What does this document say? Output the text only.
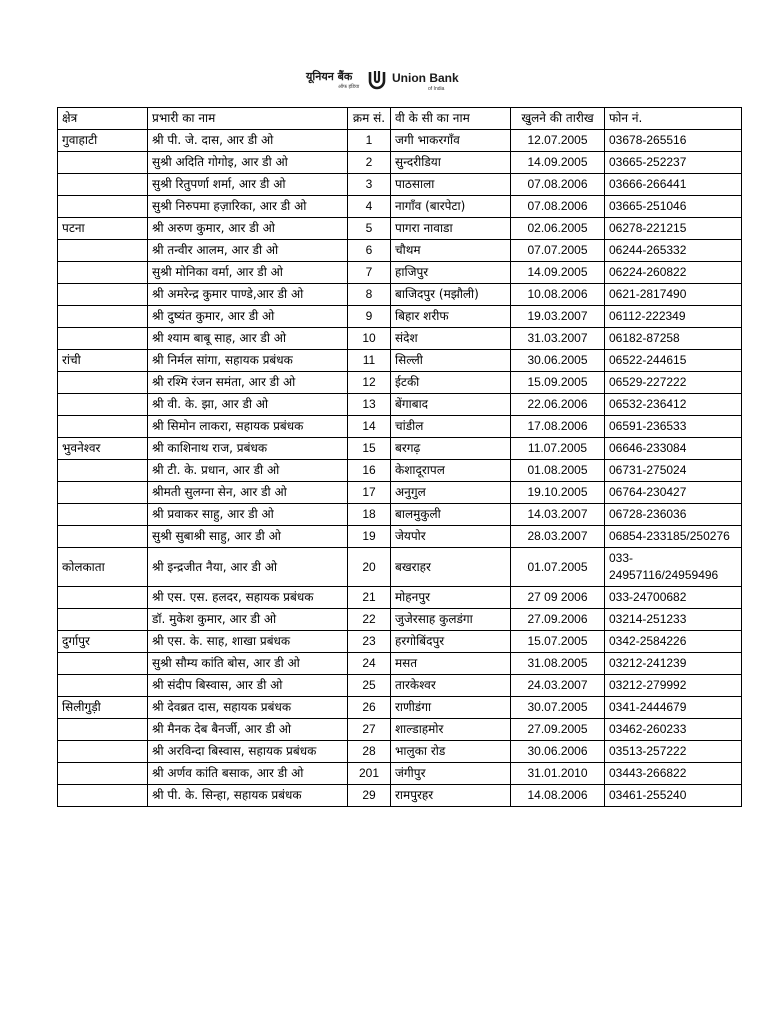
यूनियन बैंक
ऑफ इंडिया
Union Bank
of India
क्षेत्र	प्रभारी का नाम	क्रम सं.	वी के सी का नाम	खुलने की तारीख	फोन नं.
गुवाहाटी	श्री पी. जे. दास, आर डी ओ	1	जगी भाकरगाँव	12.07.2005	03678-265516
	सुश्री अदिति गोगोइ, आर डी ओ	2	सुन्दरीडिया	14.09.2005	03665-252237
	सुश्री रितुपर्णा शर्मा, आर डी ओ	3	पाठसाला	07.08.2006	03666-266441
	सुश्री निरुपमा हज़ारिका, आर डी ओ	4	नागाँव (बारपेटा)	07.08.2006	03665-251046
पटना	श्री अरुण कुमार, आर डी ओ	5	पागरा नावाडा	02.06.2005	06278-221215
	श्री तन्वीर आलम, आर डी ओ	6	चौथम	07.07.2005	06244-265332
	सुश्री मोनिका वर्मा, आर डी ओ	7	हाजिपुर	14.09.2005	06224-260822
	श्री अमरेन्द्र कुमार पाण्डे,आर डी ओ	8	बाजिदपुर (मझौली)	10.08.2006	0621-2817490
	श्री दुष्यंत कुमार, आर डी ओ	9	बिहार शरीफ	19.03.2007	06112-222349
	श्री श्याम बाबू साह, आर डी ओ	10	संदेश	31.03.2007	06182-87258
रांची	श्री निर्मल सांगा, सहायक प्रबंधक	11	सिल्ली	30.06.2005	06522-244615
	श्री रश्मि रंजन समंता, आर डी ओ	12	ईटकी	15.09.2005	06529-227222
	श्री वी. के. झा, आर डी ओ	13	बेंगाबाद	22.06.2006	06532-236412
	श्री सिमोन लाकरा, सहायक प्रबंधक	14	चांडील	17.08.2006	06591-236533
भुवनेश्वर	श्री काशिनाथ राज, प्रबंधक	15	बरगढ़	11.07.2005	06646-233084
	श्री टी. के. प्रधान, आर डी ओ	16	केशादूरापल	01.08.2005	06731-275024
	श्रीमती सुलग्ना सेन, आर डी ओ	17	अनुगुल	19.10.2005	06764-230427
	श्री प्रवाकर साहु, आर डी ओ	18	बालमुकुली	14.03.2007	06728-236036
	सुश्री सुबाश्री साहु, आर डी ओ	19	जेयपोर	28.03.2007	06854-233185/250276
कोलकाता	श्री इन्द्रजीत नैया, आर डी ओ	20	बखराहर	01.07.2005	033-24957116/24959496
	श्री एस. एस. हलदर, सहायक प्रबंधक	21	मोहनपुर	27 09 2006	033-24700682
	डॉ. मुकेश कुमार, आर डी ओ	22	जुजेरसाह कुलडंगा	27.09.2006	03214-251233
दुर्गापुर	श्री एस. के. साह, शाखा प्रबंधक	23	हरगोबिंदपुर	15.07.2005	0342-2584226
	सुश्री सौम्य कांति बोस, आर डी ओ	24	मसत	31.08.2005	03212-241239
	श्री संदीप बिस्वास, आर डी ओ	25	तारकेश्वर	24.03.2007	03212-279992
सिलीगुड़ी	श्री देवब्रत दास, सहायक प्रबंधक	26	राणीडंगा	30.07.2005	0341-2444679
	श्री मैनक देब बैनर्जी, आर डी ओ	27	शाल्डाहमोर	27.09.2005	03462-260233
	श्री अरविन्दा बिस्वास, सहायक प्रबंधक	28	भालुका रोड	30.06.2006	03513-257222
	श्री अर्णव कांति बसाक, आर डी ओ	201	जंगीपुर	31.01.2010	03443-266822
	श्री पी. के. सिन्हा, सहायक प्रबंधक	29	रामपुरहर	14.08.2006	03461-255240
